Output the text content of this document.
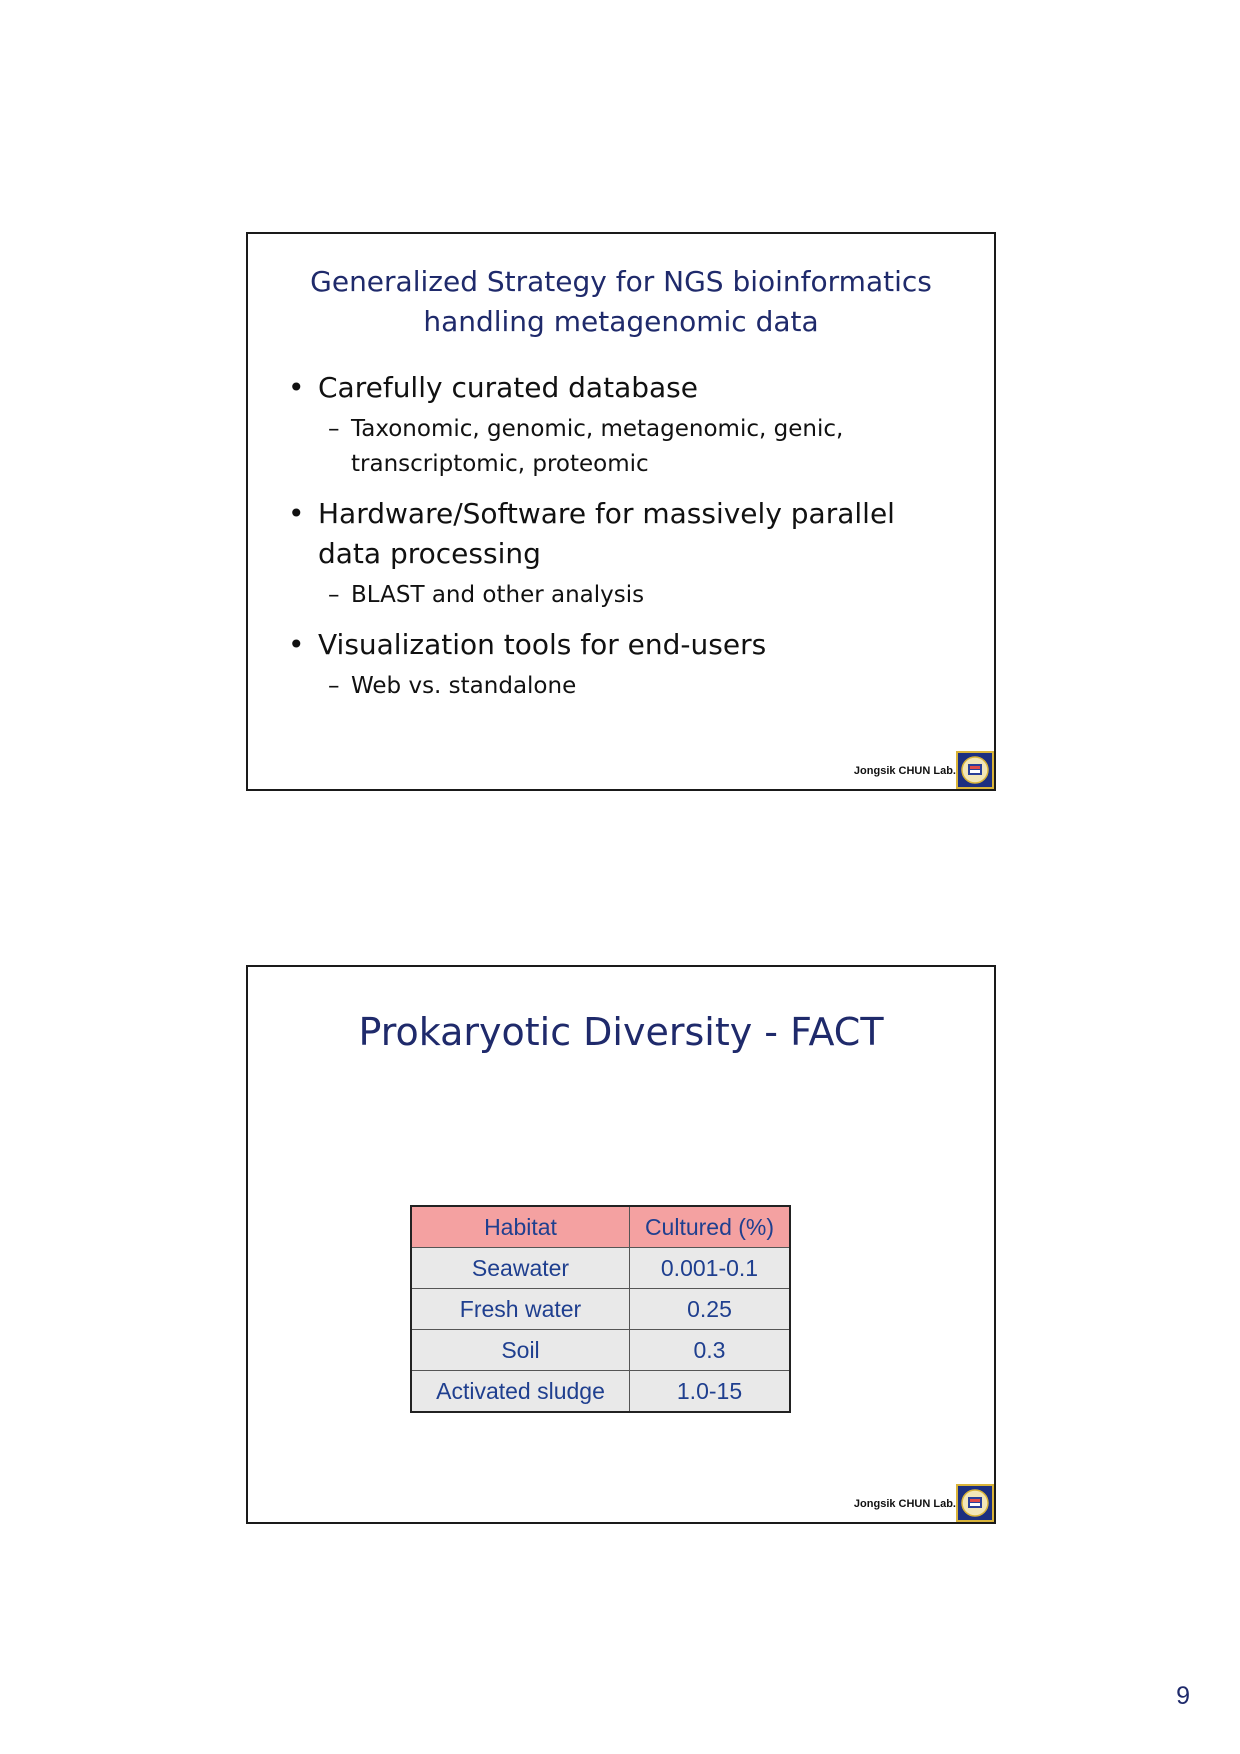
Generalized Strategy for NGS bioinformatics
handling metagenomic data
• Carefully curated database
– Taxonomic, genomic, metagenomic, genic, transcriptomic, proteomic
• Hardware/Software for massively parallel data processing
– BLAST and other analysis
• Visualization tools for end-users
– Web vs. standalone
Jongsik CHUN Lab.
Prokaryotic Diversity - FACT
Habitat	Cultured (%)
Seawater	0.001-0.1
Fresh water	0.25
Soil	0.3
Activated sludge	1.0-15
Jongsik CHUN Lab.
9
